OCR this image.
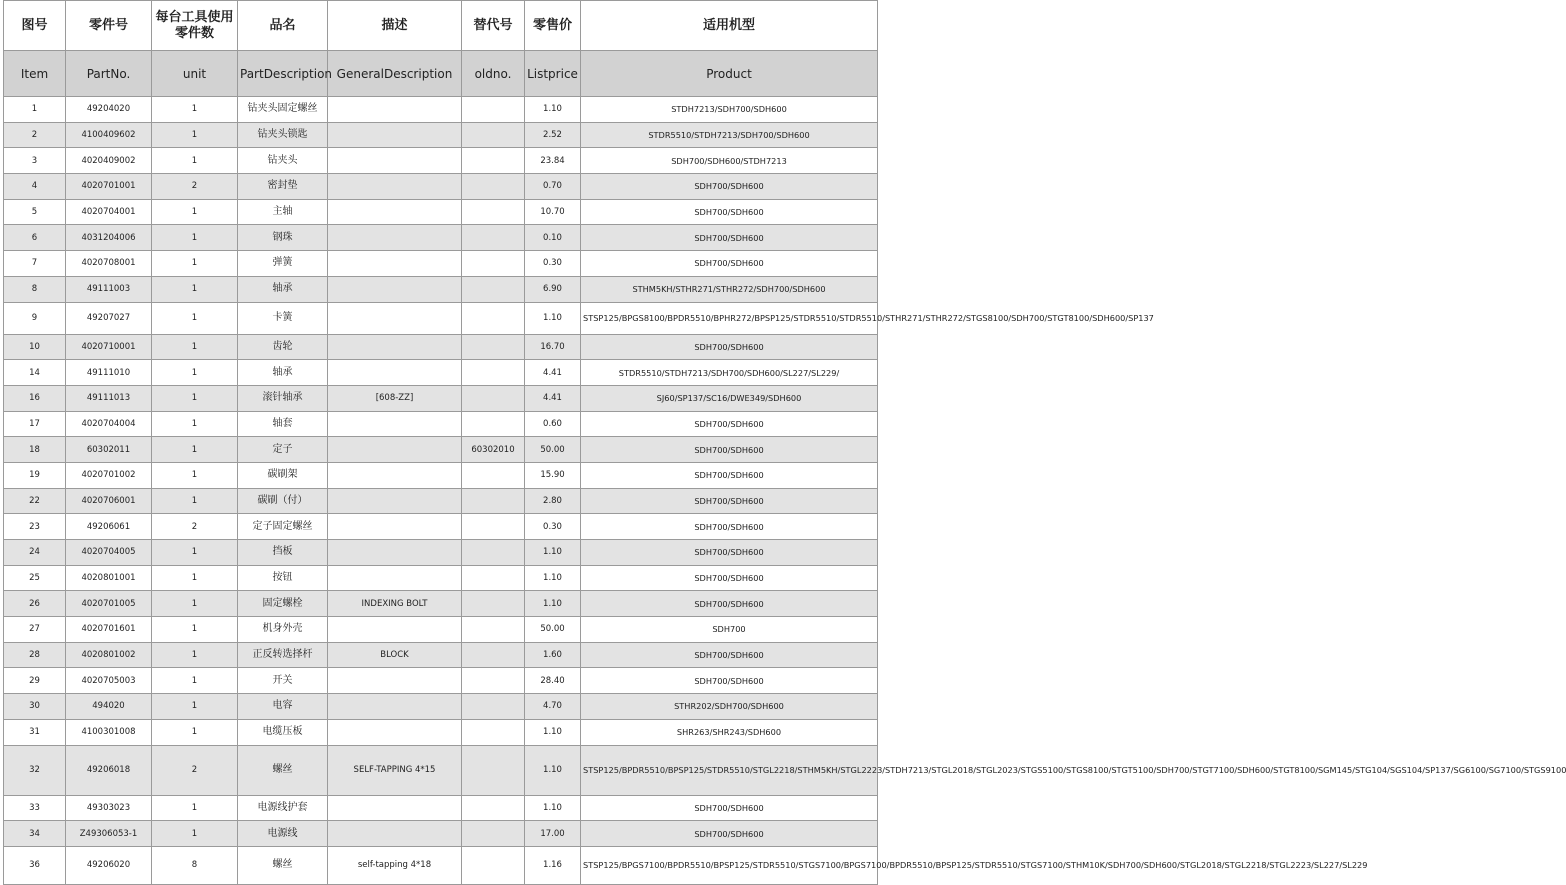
图号	零件号	每台工具使用零件数	品名	描述	替代号	零售价	适用机型
Item	PartNo.	unit	PartDescription	GeneralDescription	oldno.	Listprice	Product
1	49204020	1	钻夹头固定螺丝			1.10	STDH7213/SDH700/SDH600
2	4100409602	1	钻夹头锁匙			2.52	STDR5510/STDH7213/SDH700/SDH600
3	4020409002	1	钻夹头			23.84	SDH700/SDH600/STDH7213
4	4020701001	2	密封垫			0.70	SDH700/SDH600
5	4020704001	1	主轴			10.70	SDH700/SDH600
6	4031204006	1	钢珠			0.10	SDH700/SDH600
7	4020708001	1	弹簧			0.30	SDH700/SDH600
8	49111003	1	轴承			6.90	STHM5KH/STHR271/STHR272/SDH700/SDH600
9	49207027	1	卡簧			1.10	STSP125/BPGS8100/BPDR5510/BPHR272/BPSP125/STDR5510/STDR5510/STHR271/STHR272/STGS8100/SDH700/STGT8100/SDH600/SP137
10	4020710001	1	齿轮			16.70	SDH700/SDH600
14	49111010	1	轴承			4.41	STDR5510/STDH7213/SDH700/SDH600/SL227/SL229/
16	49111013	1	滚针轴承	[608-ZZ]		4.41	SJ60/SP137/SC16/DWE349/SDH600
17	4020704004	1	轴套			0.60	SDH700/SDH600
18	60302011	1	定子		60302010	50.00	SDH700/SDH600
19	4020701002	1	碳刷架			15.90	SDH700/SDH600
22	4020706001	1	碳刷（付）			2.80	SDH700/SDH600
23	49206061	2	定子固定螺丝			0.30	SDH700/SDH600
24	4020704005	1	挡板			1.10	SDH700/SDH600
25	4020801001	1	按钮			1.10	SDH700/SDH600
26	4020701005	1	固定螺栓	INDEXING BOLT		1.10	SDH700/SDH600
27	4020701601	1	机身外壳			50.00	SDH700
28	4020801002	1	正反转选择杆	BLOCK		1.60	SDH700/SDH600
29	4020705003	1	开关			28.40	SDH700/SDH600
30	494020	1	电容			4.70	STHR202/SDH700/SDH600
31	4100301008	1	电缆压板			1.10	SHR263/SHR243/SDH600
32	49206018	2	螺丝	SELF-TAPPING 4*15		1.10	STSP125/BPDR5510/BPSP125/STDR5510/STGL2218/STHM5KH/STGL2223/STDH7213/STGL2018/STGL2023/STGS5100/STGS8100/STGT5100/SDH700/STGT7100/SDH600/STGT8100/SGM145/STG104/SGS104/SP137/SG6100/SG7100/STGS9100
33	49303023	1	电源线护套			1.10	SDH700/SDH600
34	Z49306053-1	1	电源线			17.00	SDH700/SDH600
36	49206020	8	螺丝	self-tapping 4*18		1.16	STSP125/BPGS7100/BPDR5510/BPSP125/STDR5510/STGS7100/BPGS7100/BPDR5510/BPSP125/STDR5510/STGS7100/STHM10K/SDH700/SDH600/STGL2018/STGL2218/STGL2223/SL227/SL229
